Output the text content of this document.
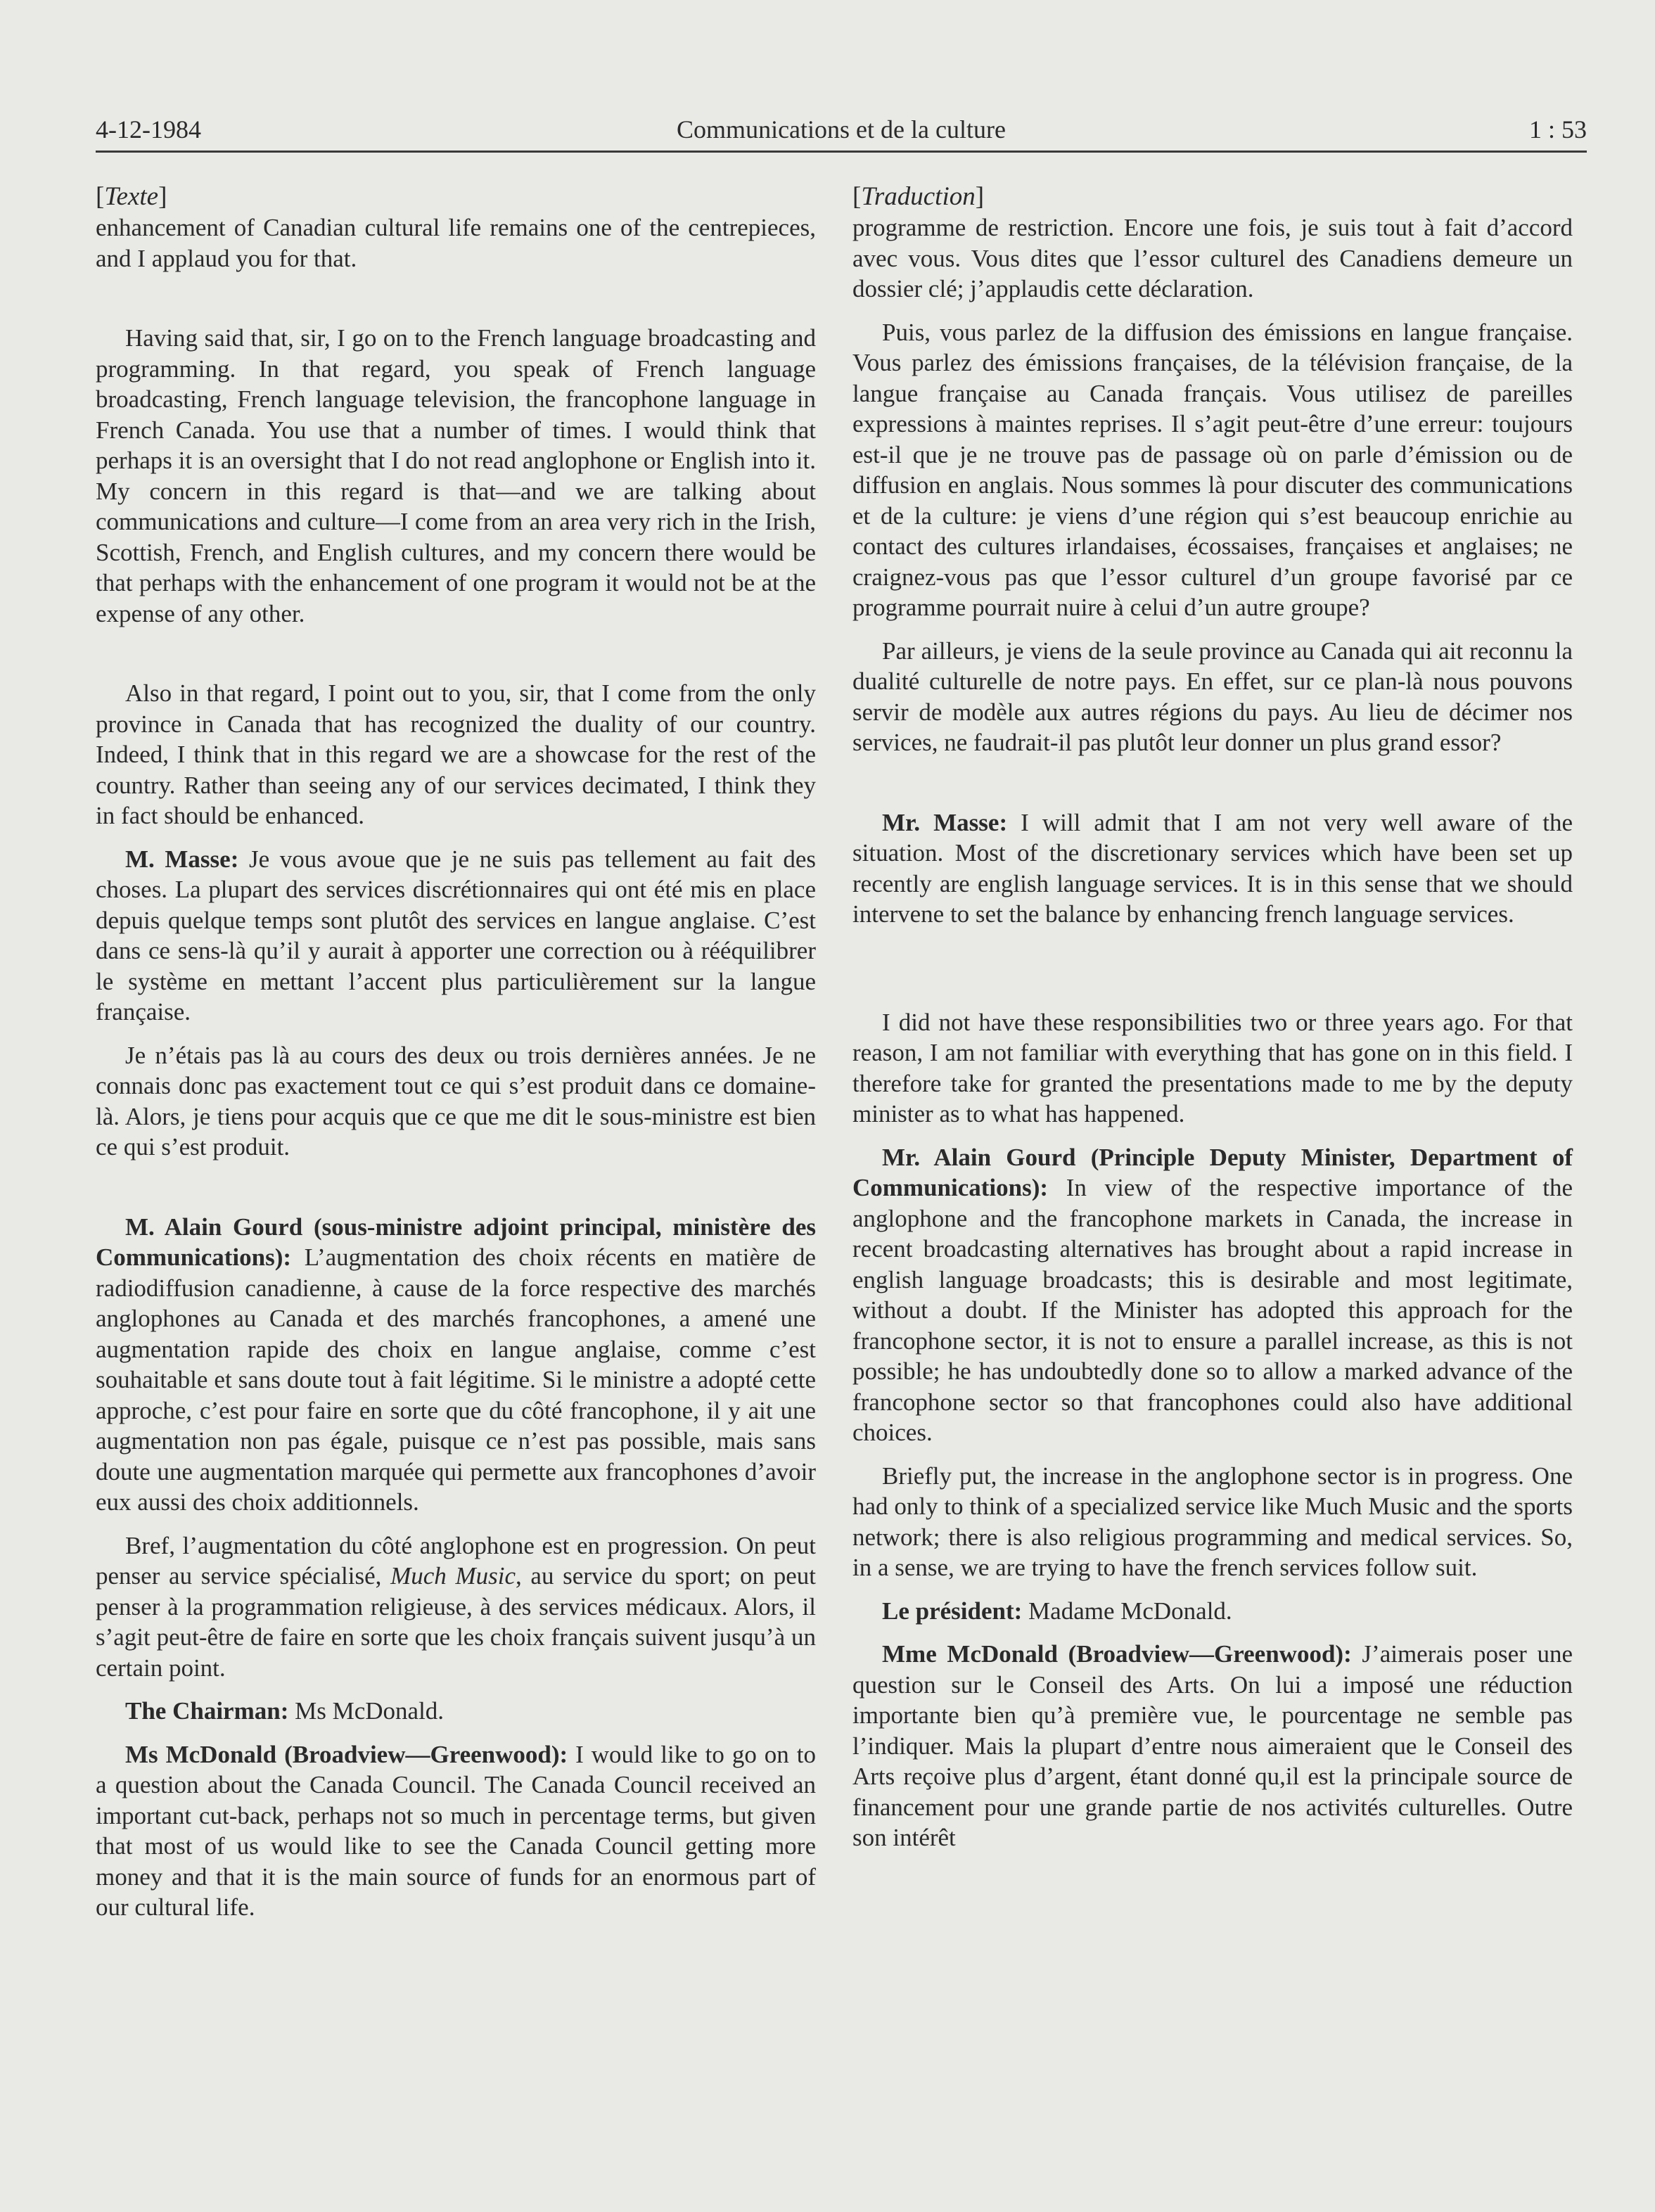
4-12-1984	Communications et de la culture	1 : 53
[Texte]

enhancement of Canadian cultural life remains one of the centrepieces, and I applaud you for that.

Having said that, sir, I go on to the French language broadcasting and programming. In that regard, you speak of French language broadcasting, French language television, the francophone language in French Canada. You use that a number of times. I would think that perhaps it is an oversight that I do not read anglophone or English into it. My concern in this regard is that—and we are talking about communications and culture—I come from an area very rich in the Irish, Scottish, French, and English cultures, and my concern there would be that perhaps with the enhancement of one program it would not be at the expense of any other.

Also in that regard, I point out to you, sir, that I come from the only province in Canada that has recognized the duality of our country. Indeed, I think that in this regard we are a showcase for the rest of the country. Rather than seeing any of our services decimated, I think they in fact should be enhanced.

M. Masse: Je vous avoue que je ne suis pas tellement au fait des choses. La plupart des services discrétionnaires qui ont été mis en place depuis quelque temps sont plutôt des services en langue anglaise. C’est dans ce sens-là qu’il y aurait à apporter une correction ou à rééquilibrer le système en mettant l’accent plus particulièrement sur la langue française.

Je n’étais pas là au cours des deux ou trois dernières années. Je ne connais donc pas exactement tout ce qui s’est produit dans ce domaine-là. Alors, je tiens pour acquis que ce que me dit le sous-ministre est bien ce qui s’est produit.

M. Alain Gourd (sous-ministre adjoint principal, ministère des Communications): L’augmentation des choix récents en matière de radiodiffusion canadienne, à cause de la force respective des marchés anglophones au Canada et des marchés francophones, a amené une augmentation rapide des choix en langue anglaise, comme c’est souhaitable et sans doute tout à fait légitime. Si le ministre a adopté cette approche, c’est pour faire en sorte que du côté francophone, il y ait une augmentation non pas égale, puisque ce n’est pas possible, mais sans doute une augmentation marquée qui permette aux francophones d’avoir eux aussi des choix additionnels.

Bref, l’augmentation du côté anglophone est en progression. On peut penser au service spécialisé, Much Music, au service du sport; on peut penser à la programmation religieuse, à des services médicaux. Alors, il s’agit peut-être de faire en sorte que les choix français suivent jusqu’à un certain point.

The Chairman: Ms McDonald.

Ms McDonald (Broadview—Greenwood): I would like to go on to a question about the Canada Council. The Canada Council received an important cut-back, perhaps not so much in percentage terms, but given that most of us would like to see the Canada Council getting more money and that it is the main source of funds for an enormous part of our cultural life.

[Traduction]

programme de restriction. Encore une fois, je suis tout à fait d’accord avec vous. Vous dites que l’essor culturel des Canadiens demeure un dossier clé; j’applaudis cette déclaration.

Puis, vous parlez de la diffusion des émissions en langue française. Vous parlez des émissions françaises, de la télévision française, de la langue française au Canada français. Vous utilisez de pareilles expressions à maintes reprises. Il s’agit peut-être d’une erreur: toujours est-il que je ne trouve pas de passage où on parle d’émission ou de diffusion en anglais. Nous sommes là pour discuter des communications et de la culture: je viens d’une région qui s’est beaucoup enrichie au contact des cultures irlandaises, écossaises, françaises et anglaises; ne craignez-vous pas que l’essor culturel d’un groupe favorisé par ce programme pourrait nuire à celui d’un autre groupe?

Par ailleurs, je viens de la seule province au Canada qui ait reconnu la dualité culturelle de notre pays. En effet, sur ce plan-là nous pouvons servir de modèle aux autres régions du pays. Au lieu de décimer nos services, ne faudrait-il pas plutôt leur donner un plus grand essor?

Mr. Masse: I will admit that I am not very well aware of the situation. Most of the discretionary services which have been set up recently are english language services. It is in this sense that we should intervene to set the balance by enhancing french language services.

I did not have these responsibilities two or three years ago. For that reason, I am not familiar with everything that has gone on in this field. I therefore take for granted the presentations made to me by the deputy minister as to what has happened.

Mr. Alain Gourd (Principle Deputy Minister, Department of Communications): In view of the respective importance of the anglophone and the francophone markets in Canada, the increase in recent broadcasting alternatives has brought about a rapid increase in english language broadcasts; this is desirable and most legitimate, without a doubt. If the Minister has adopted this approach for the francophone sector, it is not to ensure a parallel increase, as this is not possible; he has undoubtedly done so to allow a marked advance of the francophone sector so that francophones could also have additional choices.

Briefly put, the increase in the anglophone sector is in progress. One had only to think of a specialized service like Much Music and the sports network; there is also religious programming and medical services. So, in a sense, we are trying to have the french services follow suit.

Le président: Madame McDonald.

Mme McDonald (Broadview—Greenwood): J’aimerais poser une question sur le Conseil des Arts. On lui a imposé une réduction importante bien qu’à première vue, le pourcentage ne semble pas l’indiquer. Mais la plupart d’entre nous aimeraient que le Conseil des Arts reçoive plus d’argent, étant donné qu,il est la principale source de financement pour une grande partie de nos activités culturelles. Outre son intérêt
